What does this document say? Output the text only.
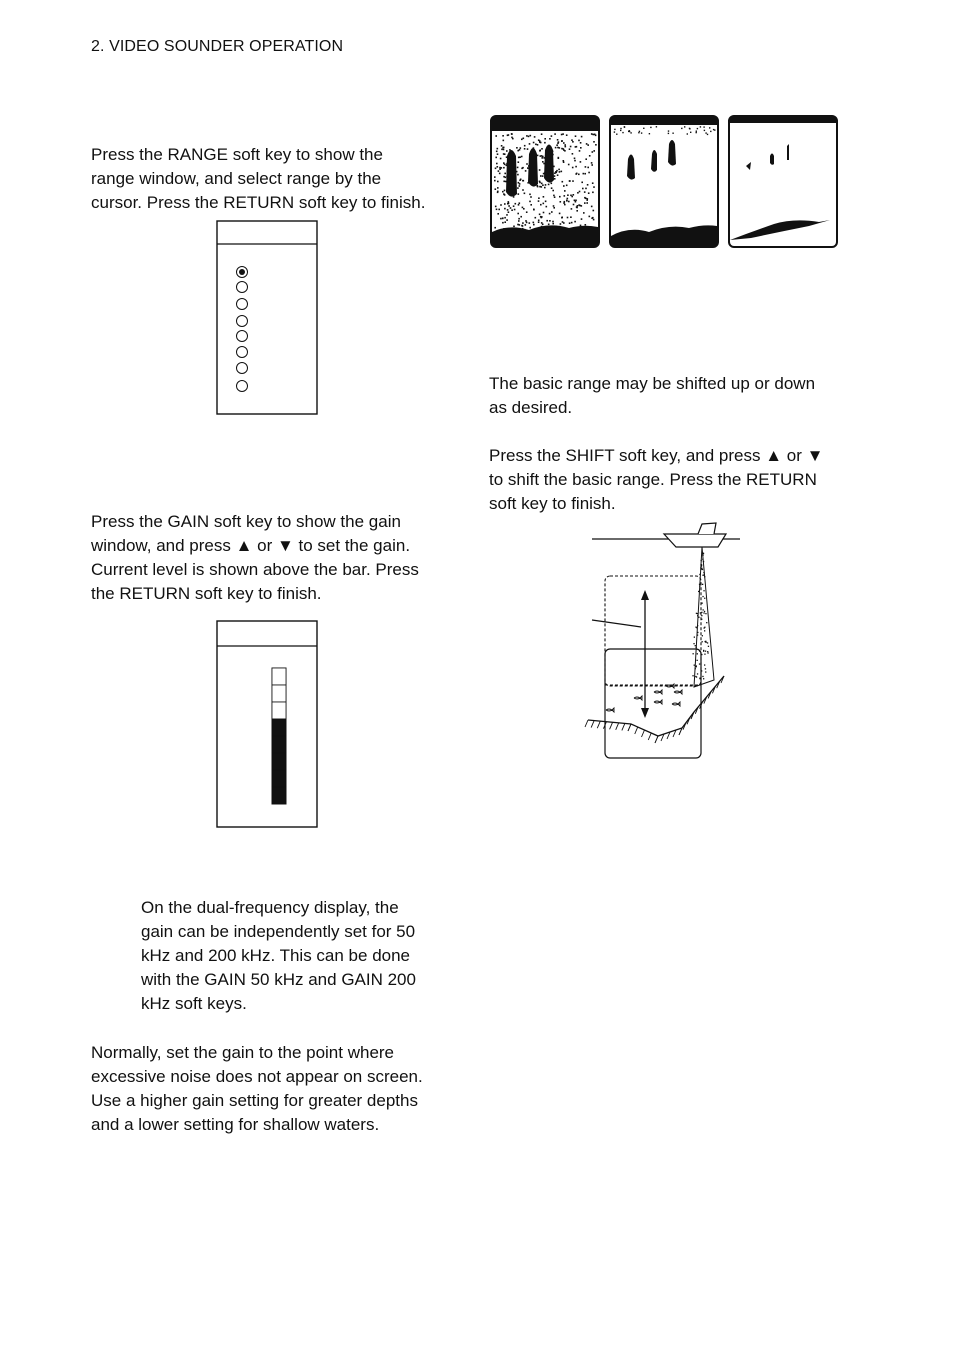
2. VIDEO SOUNDER OPERATION
Press the RANGE soft key to show the
range window, and select range by the
cursor. Press the RETURN soft key to finish.
The basic range may be shifted up or down
as desired.
Press the SHIFT soft key, and press ▲ or ▼
to shift the basic range. Press the RETURN
soft key to finish.
Press the GAIN soft key to show the gain
window, and press ▲ or ▼ to set the gain.
Current level is shown above the bar. Press
the RETURN soft key to finish.
On the dual-frequency display, the
gain can be independently set for 50
kHz and 200 kHz. This can be done
with the GAIN 50 kHz and GAIN 200
kHz soft keys.
Normally, set the gain to the point where
excessive noise does not appear on screen.
Use a higher gain setting for greater depths
and a lower setting for shallow waters.
